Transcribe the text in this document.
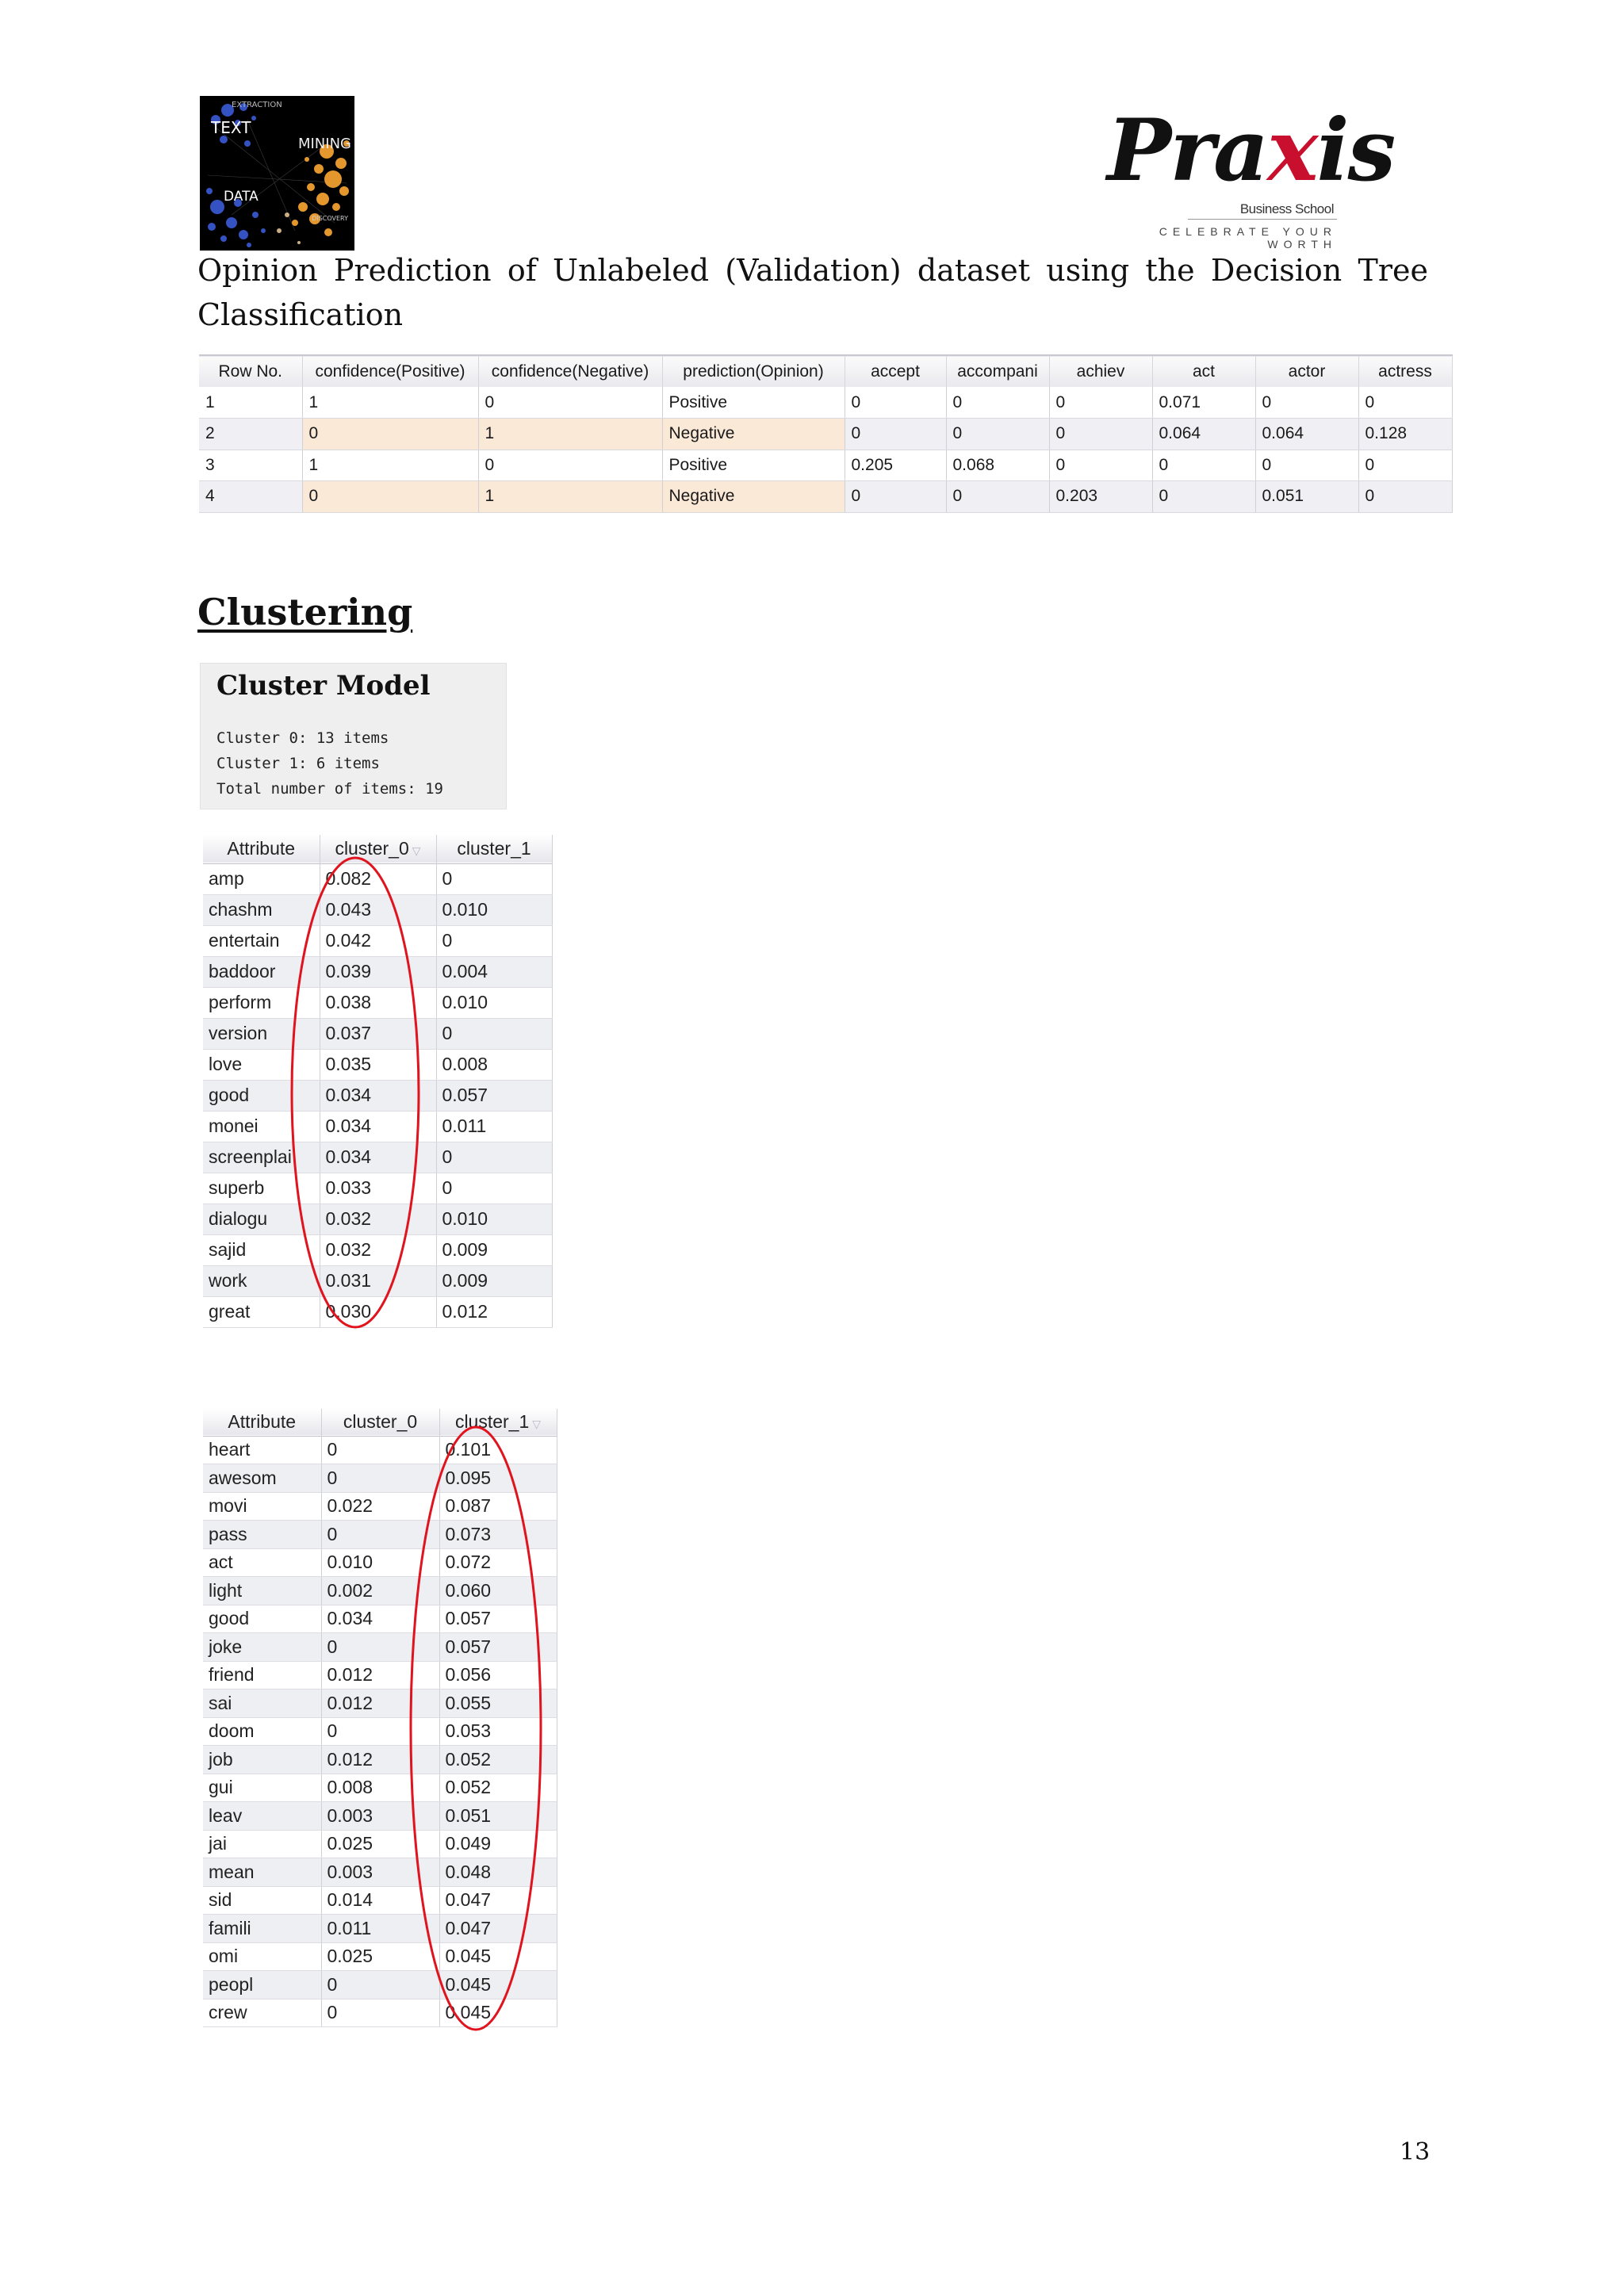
EXTRACTION
TEXT
MINING
DATA
DISCOVERY
Praxis
Business School
CELEBRATE YOUR WORTH

Opinion Prediction of Unlabeled (Validation) dataset using the Decision Tree Classification

Row No.	confidence(Positive)	confidence(Negative)	prediction(Opinion)	accept	accompani	achiev	act	actor	actress
1	1	0	Positive	0	0	0	0.071	0	0
2	0	1	Negative	0	0	0	0.064	0.064	0.128
3	1	0	Positive	0.205	0.068	0	0	0	0
4	0	1	Negative	0	0	0.203	0	0.051	0
Clustering
Cluster Model
Cluster 0: 13 items
Cluster 1: 6 items
Total number of items: 19
Attribute	cluster_0 ▽	cluster_1
amp	0.082	0
chashm	0.043	0.010
entertain	0.042	0
baddoor	0.039	0.004
perform	0.038	0.010
version	0.037	0
love	0.035	0.008
good	0.034	0.057
monei	0.034	0.011
screenplai	0.034	0
superb	0.033	0
dialogu	0.032	0.010
sajid	0.032	0.009
work	0.031	0.009
great	0.030	0.012
Attribute	cluster_0	cluster_1 ▽
heart	0	0.101
awesom	0	0.095
movi	0.022	0.087
pass	0	0.073
act	0.010	0.072
light	0.002	0.060
good	0.034	0.057
joke	0	0.057
friend	0.012	0.056
sai	0.012	0.055
doom	0	0.053
job	0.012	0.052
gui	0.008	0.052
leav	0.003	0.051
jai	0.025	0.049
mean	0.003	0.048
sid	0.014	0.047
famili	0.011	0.047
omi	0.025	0.045
peopl	0	0.045
crew	0	0.045
13
